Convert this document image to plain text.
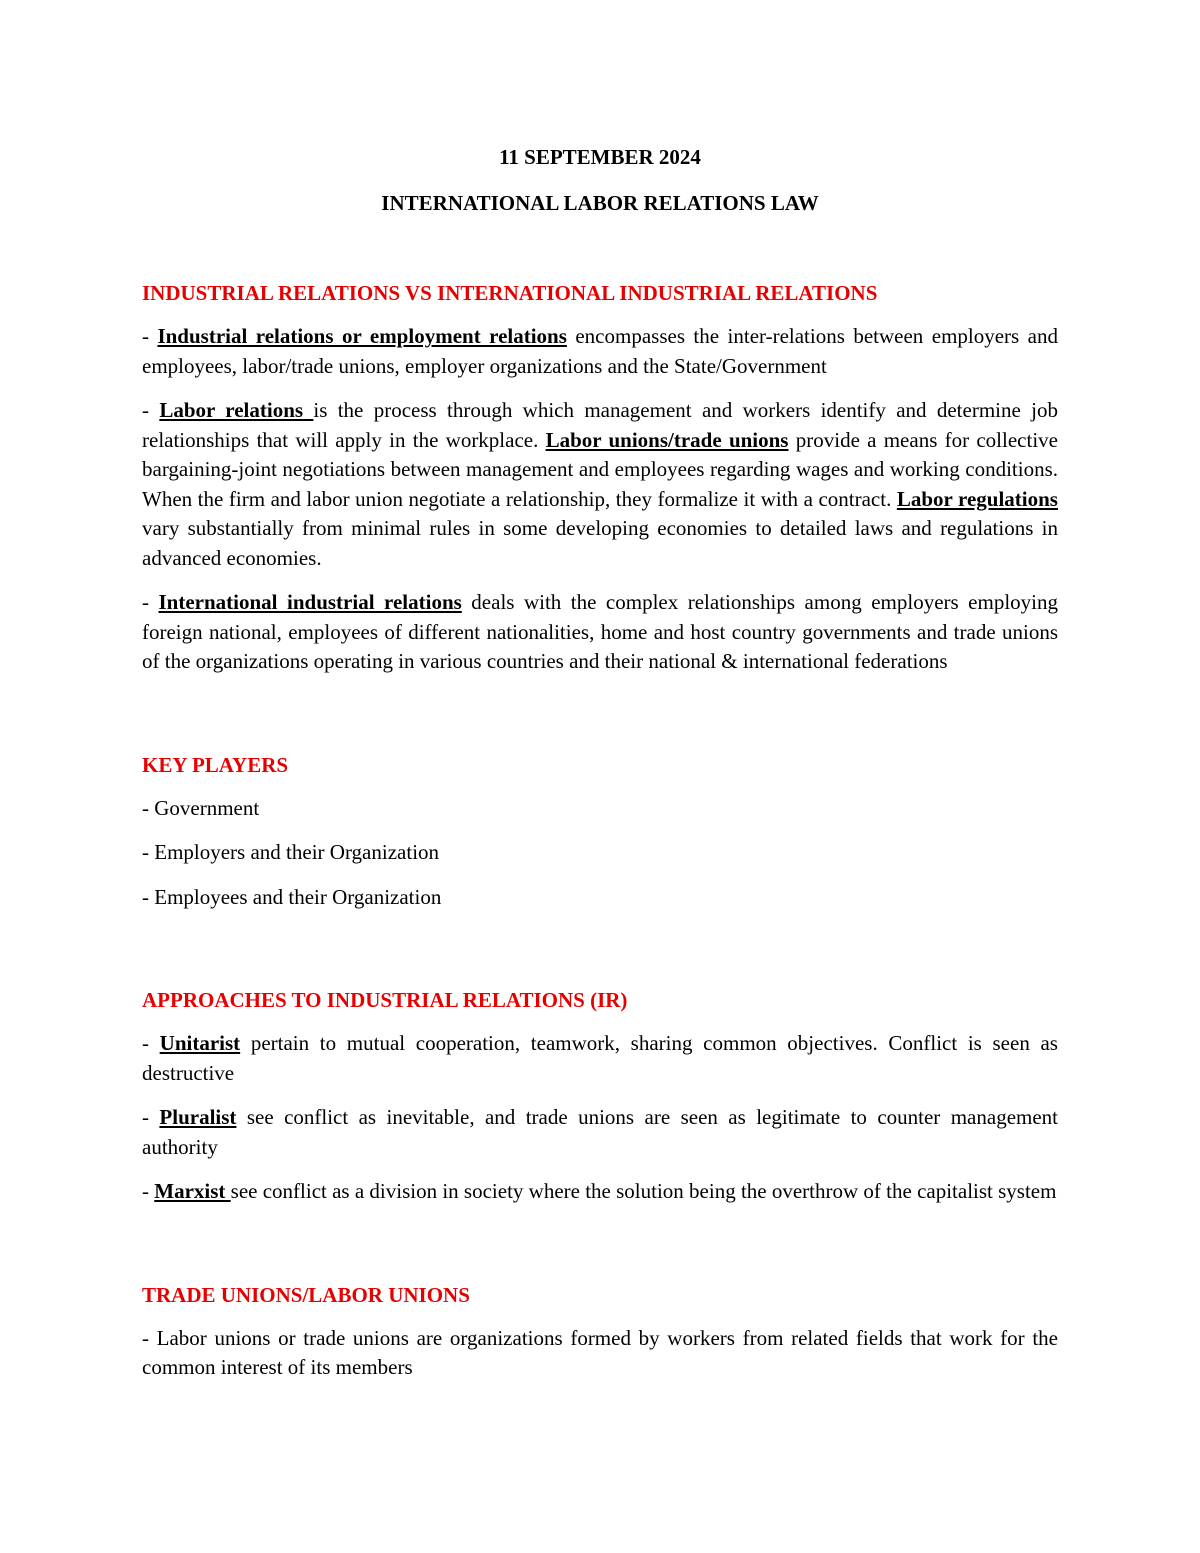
11 SEPTEMBER 2024
INTERNATIONAL LABOR RELATIONS LAW
INDUSTRIAL RELATIONS VS INTERNATIONAL INDUSTRIAL RELATIONS

- Industrial relations or employment relations encompasses the inter-relations between employers and employees, labor/trade unions, employer organizations and the State/Government

- Labor relations is the process through which management and workers identify and determine job relationships that will apply in the workplace. Labor unions/trade unions provide a means for collective bargaining-joint negotiations between management and employees regarding wages and working conditions. When the firm and labor union negotiate a relationship, they formalize it with a contract. Labor regulations vary substantially from minimal rules in some developing economies to detailed laws and regulations in advanced economies.

- International industrial relations deals with the complex relationships among employers employing foreign national, employees of different nationalities, home and host country governments and trade unions of the organizations operating in various countries and their national & international federations

KEY PLAYERS

- Government

- Employers and their Organization

- Employees and their Organization

APPROACHES TO INDUSTRIAL RELATIONS (IR)

- Unitarist pertain to mutual cooperation, teamwork, sharing common objectives. Conflict is seen as destructive

- Pluralist see conflict as inevitable, and trade unions are seen as legitimate to counter management authority

- Marxist see conflict as a division in society where the solution being the overthrow of the capitalist system

TRADE UNIONS/LABOR UNIONS

- Labor unions or trade unions are organizations formed by workers from related fields that work for the common interest of its members
